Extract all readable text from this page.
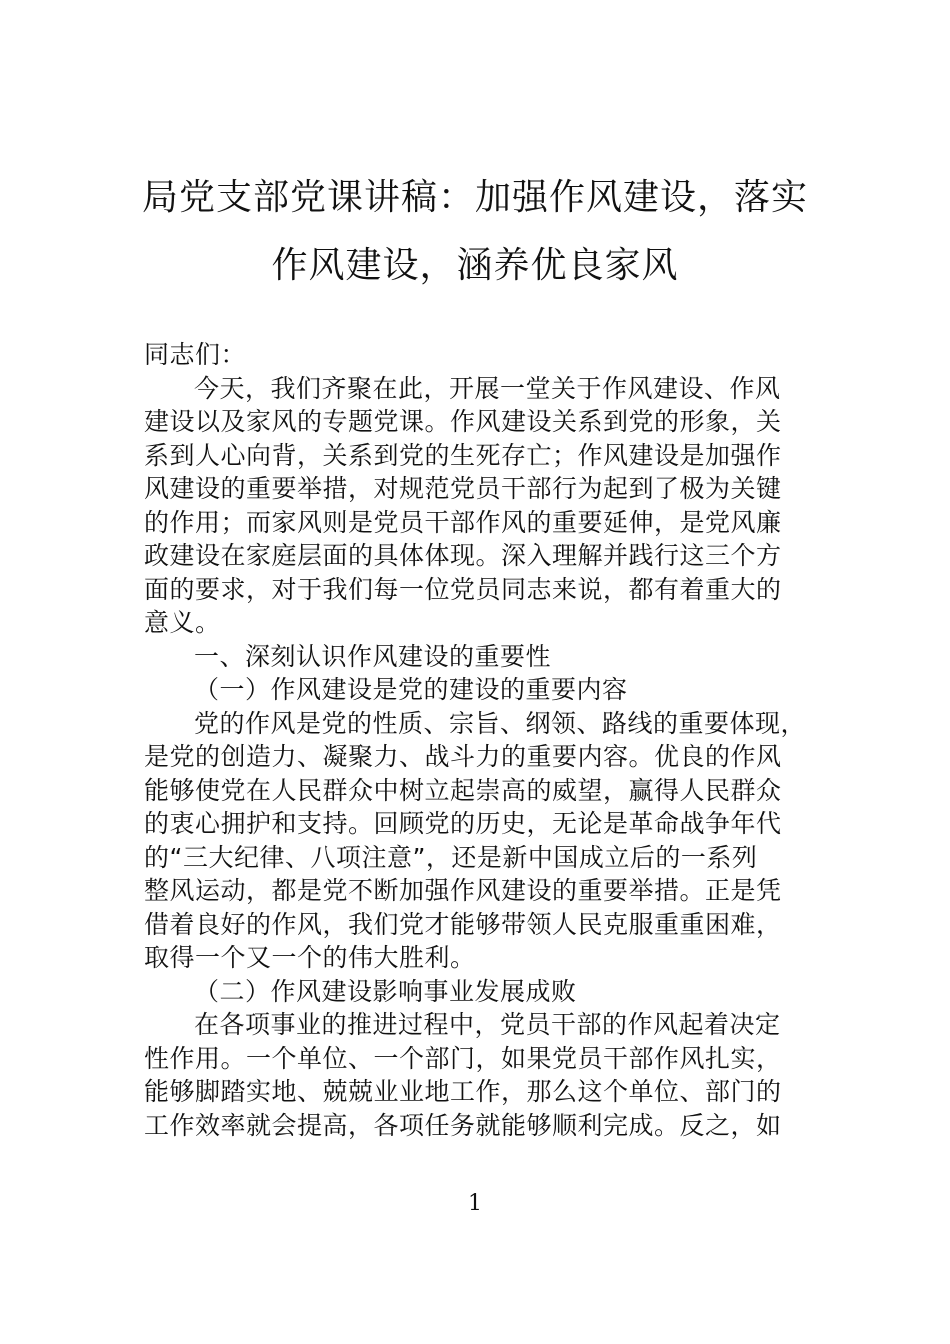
局党支部党课讲稿：加强作风建设，落实
作风建设，涵养优良家风
同志们：
今天，我们齐聚在此，开展一堂关于作风建设、作风
建设以及家风的专题党课。作风建设关系到党的形象，关
系到人心向背，关系到党的生死存亡；作风建设是加强作
风建设的重要举措，对规范党员干部行为起到了极为关键
的作用；而家风则是党员干部作风的重要延伸，是党风廉
政建设在家庭层面的具体体现。深入理解并践行这三个方
面的要求，对于我们每一位党员同志来说，都有着重大的
意义。
一、深刻认识作风建设的重要性
（一）作风建设是党的建设的重要内容
党的作风是党的性质、宗旨、纲领、路线的重要体现，
是党的创造力、凝聚力、战斗力的重要内容。优良的作风
能够使党在人民群众中树立起崇高的威望，赢得人民群众
的衷心拥护和支持。回顾党的历史，无论是革命战争年代
的“三大纪律、八项注意”，还是新中国成立后的一系列
整风运动，都是党不断加强作风建设的重要举措。正是凭
借着良好的作风，我们党才能够带领人民克服重重困难，
取得一个又一个的伟大胜利。
（二）作风建设影响事业发展成败
在各项事业的推进过程中，党员干部的作风起着决定
性作用。一个单位、一个部门，如果党员干部作风扎实，
能够脚踏实地、兢兢业业地工作，那么这个单位、部门的
工作效率就会提高，各项任务就能够顺利完成。反之，如
1
